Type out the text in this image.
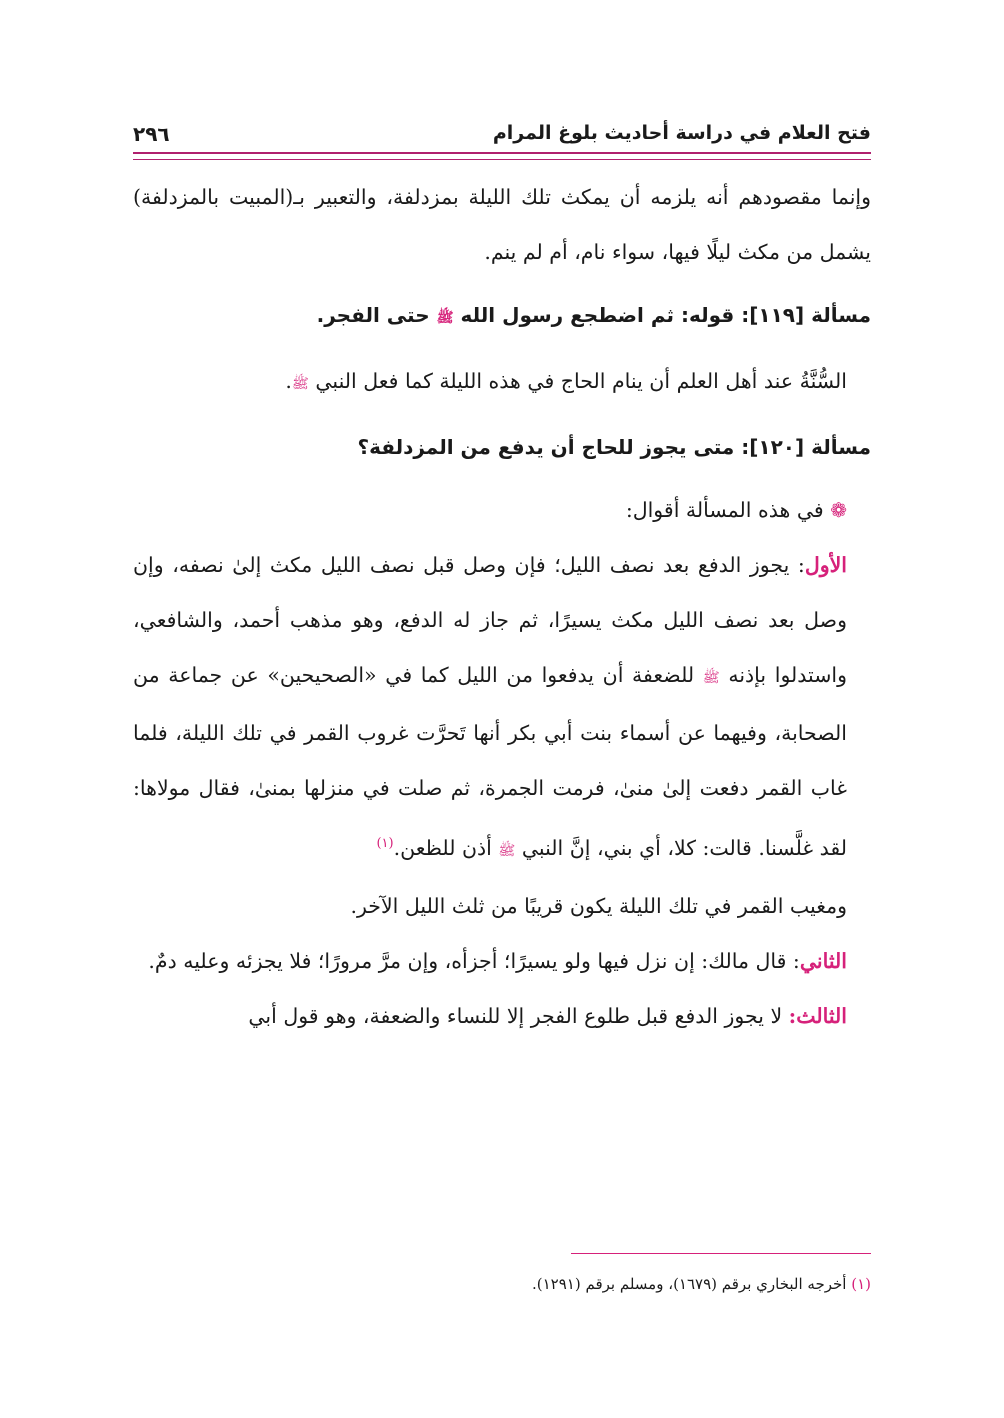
فتح العلام في دراسة أحاديث بلوغ المرام
٢٩٦

وإنما مقصودهم أنه يلزمه أن يمكث تلك الليلة بمزدلفة، والتعبير بـ(المبيت بالمزدلفة) يشمل من مكث ليلًا فيها، سواء نام، أم لم ينم.

مسألة [١١٩]: قوله: ثم اضطجع رسول الله ﷺ حتى الفجر.

السُّنَّةُ عند أهل العلم أن ينام الحاج في هذه الليلة كما فعل النبي ﷺ.

مسألة [١٢٠]: متى يجوز للحاج أن يدفع من المزدلفة؟

❁ في هذه المسألة أقوال:

الأول: يجوز الدفع بعد نصف الليل؛ فإن وصل قبل نصف الليل مكث إلىٰ نصفه، وإن وصل بعد نصف الليل مكث يسيرًا، ثم جاز له الدفع، وهو مذهب أحمد، والشافعي، واستدلوا بإذنه ﷺ للضعفة أن يدفعوا من الليل كما في «الصحيحين» عن جماعة من الصحابة، وفيهما عن أسماء بنت أبي بكر أنها تَحرَّت غروب القمر في تلك الليلة، فلما غاب القمر دفعت إلىٰ منىٰ، فرمت الجمرة، ثم صلت في منزلها بمنىٰ، فقال مولاها: لقد غلَّسنا. قالت: كلا، أي بني، إنَّ النبي ﷺ أذن للظعن.$^{(١)}$

ومغيب القمر في تلك الليلة يكون قريبًا من ثلث الليل الآخر.

الثاني: قال مالك: إن نزل فيها ولو يسيرًا؛ أجزأه، وإن مرَّ مرورًا؛ فلا يجزئه وعليه دمٌ.

الثالث: لا يجوز الدفع قبل طلوع الفجر إلا للنساء والضعفة، وهو قول أبي

(١) أخرجه البخاري برقم (١٦٧٩)، ومسلم برقم (١٢٩١).
